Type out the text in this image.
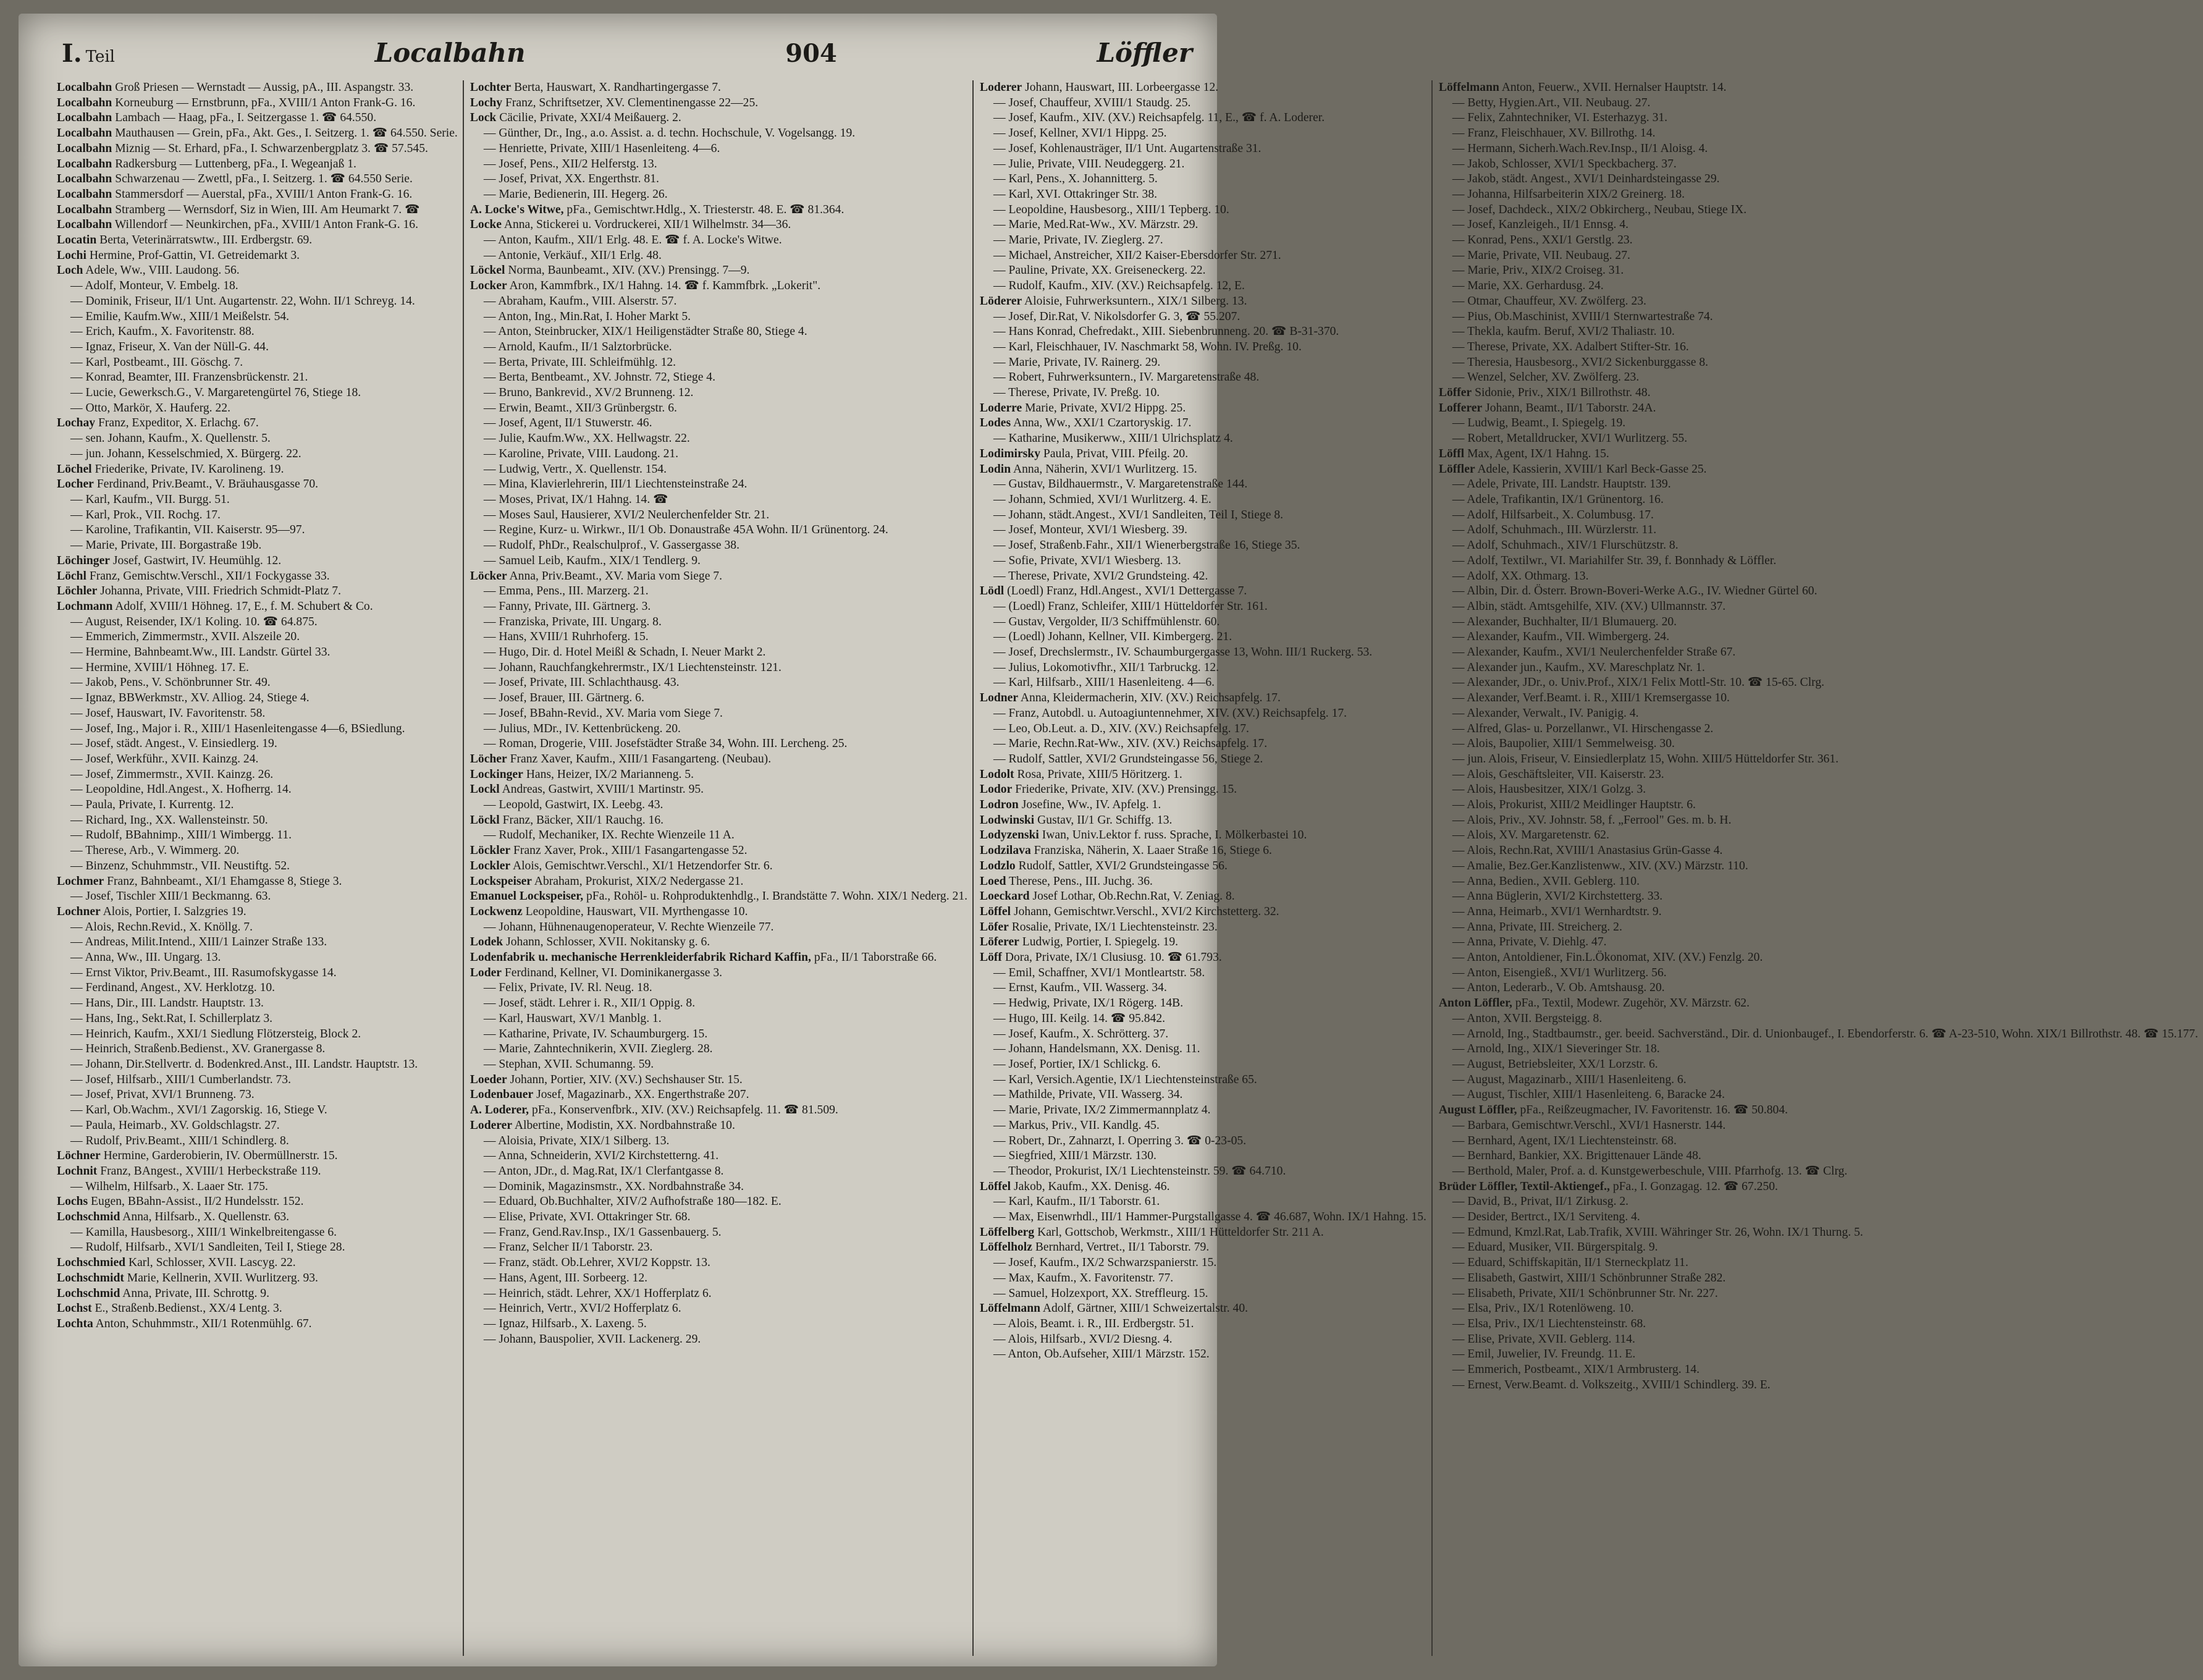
I. Teil	Localbahn	904	Löffler
Localbahn Groß Priesen — Wernstadt — Aussig, pA., III. Aspangstr. 33.
Localbahn Korneuburg — Ernstbrunn, pFa., XVIII/1 Anton Frank-G. 16.
Localbahn Lambach — Haag, pFa., I. Seitzergasse 1. ☎ 64.550.
Localbahn Mauthausen — Grein, pFa., Akt. Ges., I. Seitzerg. 1. ☎ 64.550. Serie.
Localbahn Miznig — St. Erhard, pFa., I. Schwarzenbergplatz 3. ☎ 57.545.
Localbahn Radkersburg — Luttenberg, pFa., I. Wegeanjaß 1.
Localbahn Schwarzenau — Zwettl, pFa., I. Seitzerg. 1. ☎ 64.550 Serie.
Localbahn Stammersdorf — Auerstal, pFa., XVIII/1 Anton Frank-G. 16.
Localbahn Stramberg — Wernsdorf, Siz in Wien, III. Am Heumarkt 7. ☎
Localbahn Willendorf — Neunkirchen, pFa., XVIII/1 Anton Frank-G. 16.
Locatin Berta, Veterinärratswtw., III. Erdbergstr. 69.
Lochi Hermine, Prof-Gattin, VI. Getreidemarkt 3.
Loch Adele, Ww., VIII. Laudong. 56.
— Adolf, Monteur, V. Embelg. 18.
— Dominik, Friseur, II/1 Unt. Augartenstr. 22, Wohn. II/1 Schreyg. 14.
— Emilie, Kaufm.Ww., XIII/1 Meißelstr. 54.
— Erich, Kaufm., X. Favoritenstr. 88.
— Ignaz, Friseur, X. Van der Nüll-G. 44.
— Karl, Postbeamt., III. Göschg. 7.
— Konrad, Beamter, III. Franzensbrückenstr. 21.
— Lucie, Gewerksch.G., V. Margaretengürtel 76, Stiege 18.
— Otto, Markör, X. Hauferg. 22.
Lochay Franz, Expeditor, X. Erlachg. 67.
— sen. Johann, Kaufm., X. Quellenstr. 5.
— jun. Johann, Kesselschmied, X. Bürgerg. 22.
Löchel Friederike, Private, IV. Karolineng. 19.
Locher Ferdinand, Priv.Beamt., V. Bräuhausgasse 70.
— Karl, Kaufm., VII. Burgg. 51.
— Karl, Prok., VII. Rochg. 17.
— Karoline, Trafikantin, VII. Kaiserstr. 95—97.
— Marie, Private, III. Borgastraße 19b.
Löchinger Josef, Gastwirt, IV. Heumühlg. 12.
Löchl Franz, Gemischtw.Verschl., XII/1 Fockygasse 33.
Löchler Johanna, Private, VIII. Friedrich Schmidt-Platz 7.
Lochmann Adolf, XVIII/1 Höhneg. 17, E., f. M. Schubert & Co.
— August, Reisender, IX/1 Koling. 10. ☎ 64.875.
— Emmerich, Zimmermstr., XVII. Alszeile 20.
— Hermine, Bahnbeamt.Ww., III. Landstr. Gürtel 33.
— Hermine, XVIII/1 Höhneg. 17. E.
— Jakob, Pens., V. Schönbrunner Str. 49.
— Ignaz, BBWerkmstr., XV. Alliog. 24, Stiege 4.
— Josef, Hauswart, IV. Favoritenstr. 58.
— Josef, Ing., Major i. R., XIII/1 Hasenleitengasse 4—6, BSiedlung.
— Josef, städt. Angest., V. Einsiedlerg. 19.
— Josef, Werkführ., XVII. Kainzg. 24.
— Josef, Zimmermstr., XVII. Kainzg. 26.
— Leopoldine, Hdl.Angest., X. Hofherrg. 14.
— Paula, Private, I. Kurrentg. 12.
— Richard, Ing., XX. Wallensteinstr. 50.
— Rudolf, BBahnimp., XIII/1 Wimbergg. 11.
— Therese, Arb., V. Wimmerg. 20.
— Binzenz, Schuhmmstr., VII. Neustiftg. 52.
Lochmer Franz, Bahnbeamt., XI/1 Ehamgasse 8, Stiege 3.
— Josef, Tischler XIII/1 Beckmanng. 63.
Lochner Alois, Portier, I. Salzgries 19.
— Alois, Rechn.Revid., X. Knöllg. 7.
— Andreas, Milit.Intend., XIII/1 Lainzer Straße 133.
— Anna, Ww., III. Ungarg. 13.
— Ernst Viktor, Priv.Beamt., III. Rasumofskygasse 14.
— Ferdinand, Angest., XV. Herklotzg. 10.
— Hans, Dir., III. Landstr. Hauptstr. 13.
— Hans, Ing., Sekt.Rat, I. Schillerplatz 3.
— Heinrich, Kaufm., XXI/1 Siedlung Flötzersteig, Block 2.
— Heinrich, Straßenb.Bedienst., XV. Granergasse 8.
— Johann, Dir.Stellvertr. d. Bodenkred.Anst., III. Landstr. Hauptstr. 13.
— Josef, Hilfsarb., XIII/1 Cumberlandstr. 73.
— Josef, Privat, XVI/1 Brunneng. 73.
— Karl, Ob.Wachm., XVI/1 Zagorskig. 16, Stiege V.
— Paula, Heimarb., XV. Goldschlagstr. 27.
— Rudolf, Priv.Beamt., XIII/1 Schindlerg. 8.
Löchner Hermine, Garderobierin, IV. Obermüllnerstr. 15.
Lochnit Franz, BAngest., XVIII/1 Herbeckstraße 119.
— Wilhelm, Hilfsarb., X. Laaer Str. 175.
Lochs Eugen, BBahn-Assist., II/2 Hundelsstr. 152.
Lochschmid Anna, Hilfsarb., X. Quellenstr. 63.
— Kamilla, Hausbesorg., XIII/1 Winkelbreitengasse 6.
— Rudolf, Hilfsarb., XVI/1 Sandleiten, Teil I, Stiege 28.
Lochschmied Karl, Schlosser, XVII. Lascyg. 22.
Lochschmidt Marie, Kellnerin, XVII. Wurlitzerg. 93.
Lochschmid Anna, Private, III. Schrottg. 9.
Lochst E., Straßenb.Bedienst., XX/4 Lentg. 3.
Lochta Anton, Schuhmmstr., XII/1 Rotenmühlg. 67.
Lochter Berta, Hauswart, X. Randhartingergasse 7.
Lochy Franz, Schriftsetzer, XV. Clementinengasse 22—25.
Lock Cäcilie, Private, XXI/4 Meißauerg. 2.
— Günther, Dr., Ing., a.o. Assist. a. d. techn. Hochschule, V. Vogelsangg. 19.
— Henriette, Private, XIII/1 Hasenleiteng. 4—6.
— Josef, Pens., XII/2 Helferstg. 13.
— Josef, Privat, XX. Engerthstr. 81.
— Marie, Bedienerin, III. Hegerg. 26.
A. Locke's Witwe, pFa., Gemischtwr.Hdlg., X. Triesterstr. 48. E. ☎ 81.364.
Locke Anna, Stickerei u. Vordruckerei, XII/1 Wilhelmstr. 34—36.
— Anton, Kaufm., XII/1 Erlg. 48. E. ☎ f. A. Locke's Witwe.
— Antonie, Verkäuf., XII/1 Erlg. 48.
Löckel Norma, Baunbeamt., XIV. (XV.) Prensingg. 7—9.
Locker Aron, Kammfbrk., IX/1 Hahng. 14. ☎ f. Kammfbrk. „Lokerit".
— Abraham, Kaufm., VIII. Alserstr. 57.
— Anton, Ing., Min.Rat, I. Hoher Markt 5.
— Anton, Steinbrucker, XIX/1 Heiligenstädter Straße 80, Stiege 4.
— Arnold, Kaufm., II/1 Salztorbrücke.
— Berta, Private, III. Schleifmühlg. 12.
— Berta, Bentbeamt., XV. Johnstr. 72, Stiege 4.
— Bruno, Bankrevid., XV/2 Brunneng. 12.
— Erwin, Beamt., XII/3 Grünbergstr. 6.
— Josef, Agent, II/1 Stuwerstr. 46.
— Julie, Kaufm.Ww., XX. Hellwagstr. 22.
— Karoline, Private, VIII. Laudong. 21.
— Ludwig, Vertr., X. Quellenstr. 154.
— Mina, Klavierlehrerin, III/1 Liechtensteinstraße 24.
— Moses, Privat, IX/1 Hahng. 14. ☎
— Moses Saul, Hausierer, XVI/2 Neulerchenfelder Str. 21.
— Regine, Kurz- u. Wirkwr., II/1 Ob. Donaustraße 45A Wohn. II/1 Grünentorg. 24.
— Rudolf, PhDr., Realschulprof., V. Gassergasse 38.
— Samuel Leib, Kaufm., XIX/1 Tendlerg. 9.
Löcker Anna, Priv.Beamt., XV. Maria vom Siege 7.
— Emma, Pens., III. Marzerg. 21.
— Fanny, Private, III. Gärtnerg. 3.
— Franziska, Private, III. Ungarg. 8.
— Hans, XVIII/1 Ruhrhoferg. 15.
— Hugo, Dir. d. Hotel Meißl & Schadn, I. Neuer Markt 2.
— Johann, Rauchfangkehrermstr., IX/1 Liechtensteinstr. 121.
— Josef, Private, III. Schlachthausg. 43.
— Josef, Brauer, III. Gärtnerg. 6.
— Josef, BBahn-Revid., XV. Maria vom Siege 7.
— Julius, MDr., IV. Kettenbrückeng. 20.
— Roman, Drogerie, VIII. Josefstädter Straße 34, Wohn. III. Lercheng. 25.
Löcher Franz Xaver, Kaufm., XIII/1 Fasangarteng. (Neubau).
Lockinger Hans, Heizer, IX/2 Marianneng. 5.
Lockl Andreas, Gastwirt, XVIII/1 Martinstr. 95.
— Leopold, Gastwirt, IX. Leebg. 43.
Löckl Franz, Bäcker, XII/1 Rauchg. 16.
— Rudolf, Mechaniker, IX. Rechte Wienzeile 11 A.
Löckler Franz Xaver, Prok., XIII/1 Fasangartengasse 52.
Lockler Alois, Gemischtwr.Verschl., XI/1 Hetzendorfer Str. 6.
Lockspeiser Abraham, Prokurist, XIX/2 Nedergasse 21.
Emanuel Lockspeiser, pFa., Rohöl- u. Rohproduktenhdlg., I. Brandstätte 7. Wohn. XIX/1 Nederg. 21.
Lockwenz Leopoldine, Hauswart, VII. Myrthengasse 10.
— Johann, Hühnenaugenoperateur, V. Rechte Wienzeile 77.
Lodek Johann, Schlosser, XVII. Nokitansky g. 6.
Lodenfabrik u. mechanische Herrenkleiderfabrik Richard Kaffin, pFa., II/1 Taborstraße 66.
Loder Ferdinand, Kellner, VI. Dominikanergasse 3.
— Felix, Private, IV. Rl. Neug. 18.
— Josef, städt. Lehrer i. R., XII/1 Oppig. 8.
— Karl, Hauswart, XV/1 Manblg. 1.
— Katharine, Private, IV. Schaumburgerg. 15.
— Marie, Zahntechnikerin, XVII. Zieglerg. 28.
— Stephan, XVII. Schumanng. 59.
Loeder Johann, Portier, XIV. (XV.) Sechshauser Str. 15.
Lodenbauer Josef, Magazinarb., XX. Engerthstraße 207.
A. Loderer, pFa., Konservenfbrk., XIV. (XV.) Reichsapfelg. 11. ☎ 81.509.
Loderer Albertine, Modistin, XX. Nordbahnstraße 10.
— Aloisia, Private, XIX/1 Silberg. 13.
— Anna, Schneiderin, XVI/2 Kirchstetterng. 41.
— Anton, JDr., d. Mag.Rat, IX/1 Clerfantgasse 8.
— Dominik, Magazinsmstr., XX. Nordbahnstraße 34.
— Eduard, Ob.Buchhalter, XIV/2 Aufhofstraße 180—182. E.
— Elise, Private, XVI. Ottakringer Str. 68.
— Franz, Gend.Rav.Insp., IX/1 Gassenbauerg. 5.
— Franz, Selcher II/1 Taborstr. 23.
— Franz, städt. Ob.Lehrer, XVI/2 Koppstr. 13.
— Hans, Agent, III. Sorbeerg. 12.
— Heinrich, städt. Lehrer, XX/1 Hofferplatz 6.
— Heinrich, Vertr., XVI/2 Hofferplatz 6.
— Ignaz, Hilfsarb., X. Laxeng. 5.
— Johann, Bauspolier, XVII. Lackenerg. 29.
Loderer Johann, Hauswart, III. Lorbeergasse 12.
— Josef, Chauffeur, XVIII/1 Staudg. 25.
— Josef, Kaufm., XIV. (XV.) Reichsapfelg. 11, E., ☎ f. A. Loderer.
— Josef, Kellner, XVI/1 Hippg. 25.
— Josef, Kohlenausträger, II/1 Unt. Augartenstraße 31.
— Julie, Private, VIII. Neudeggerg. 21.
— Karl, Pens., X. Johannitterg. 5.
— Karl, XVI. Ottakringer Str. 38.
— Leopoldine, Hausbesorg., XIII/1 Tepberg. 10.
— Marie, Med.Rat-Ww., XV. Märzstr. 29.
— Marie, Private, IV. Zieglerg. 27.
— Michael, Anstreicher, XII/2 Kaiser-Ebersdorfer Str. 271.
— Pauline, Private, XX. Greiseneckerg. 22.
— Rudolf, Kaufm., XIV. (XV.) Reichsapfelg. 12, E.
Löderer Aloisie, Fuhrwerksuntern., XIX/1 Silberg. 13.
— Josef, Dir.Rat, V. Nikolsdorfer G. 3, ☎ 55.207.
— Hans Konrad, Chefredakt., XIII. Siebenbrunneng. 20. ☎ B-31-370.
— Karl, Fleischhauer, IV. Naschmarkt 58, Wohn. IV. Preßg. 10.
— Marie, Private, IV. Rainerg. 29.
— Robert, Fuhrwerksuntern., IV. Margaretenstraße 48.
— Therese, Private, IV. Preßg. 10.
Loderre Marie, Private, XVI/2 Hippg. 25.
Lodes Anna, Ww., XXI/1 Czartoryskig. 17.
— Katharine, Musikerww., XIII/1 Ulrichsplatz 4.
Lodimirsky Paula, Privat, VIII. Pfeilg. 20.
Lodin Anna, Näherin, XVI/1 Wurlitzerg. 15.
— Gustav, Bildhauermstr., V. Margaretenstraße 144.
— Johann, Schmied, XVI/1 Wurlitzerg. 4. E.
— Johann, städt.Angest., XVI/1 Sandleiten, Teil I, Stiege 8.
— Josef, Monteur, XVI/1 Wiesberg. 39.
— Josef, Straßenb.Fahr., XII/1 Wienerbergstraße 16, Stiege 35.
— Sofie, Private, XVI/1 Wiesberg. 13.
— Therese, Private, XVI/2 Grundsteing. 42.
Lödl (Loedl) Franz, Hdl.Angest., XVI/1 Dettergasse 7.
— (Loedl) Franz, Schleifer, XIII/1 Hütteldorfer Str. 161.
— Gustav, Vergolder, II/3 Schiffmühlenstr. 60.
— (Loedl) Johann, Kellner, VII. Kimbergerg. 21.
— Josef, Drechslermstr., IV. Schaumburgergasse 13, Wohn. III/1 Ruckerg. 53.
— Julius, Lokomotivfhr., XII/1 Tarbruckg. 12.
— Karl, Hilfsarb., XIII/1 Hasenleiteng. 4—6.
Lodner Anna, Kleidermacherin, XIV. (XV.) Reichsapfelg. 17.
— Franz, Autobdl. u. Autoagiuntennehmer, XIV. (XV.) Reichsapfelg. 17.
— Leo, Ob.Leut. a. D., XIV. (XV.) Reichsapfelg. 17.
— Marie, Rechn.Rat-Ww., XIV. (XV.) Reichsapfelg. 17.
— Rudolf, Sattler, XVI/2 Grundsteingasse 56, Stiege 2.
Lodolt Rosa, Private, XIII/5 Höritzerg. 1.
Lodor Friederike, Private, XIV. (XV.) Prensingg. 15.
Lodron Josefine, Ww., IV. Apfelg. 1.
Lodwinski Gustav, II/1 Gr. Schiffg. 13.
Lodyzenski Iwan, Univ.Lektor f. russ. Sprache, I. Mölkerbastei 10.
Lodzilava Franziska, Näherin, X. Laaer Straße 16, Stiege 6.
Lodzlo Rudolf, Sattler, XVI/2 Grundsteingasse 56.
Loed Therese, Pens., III. Juchg. 36.
Loeckard Josef Lothar, Ob.Rechn.Rat, V. Zeniag. 8.
Löffel Johann, Gemischtwr.Verschl., XVI/2 Kirchstetterg. 32.
Löfer Rosalie, Private, IX/1 Liechtensteinstr. 23.
Löferer Ludwig, Portier, I. Spiegelg. 19.
Löff Dora, Private, IX/1 Clusiusg. 10. ☎ 61.793.
— Emil, Schaffner, XVI/1 Montleartstr. 58.
— Ernst, Kaufm., VII. Wasserg. 34.
— Hedwig, Private, IX/1 Rögerg. 14B.
— Hugo, III. Keilg. 14. ☎ 95.842.
— Josef, Kaufm., X. Schrötterg. 37.
— Johann, Handelsmann, XX. Denisg. 11.
— Josef, Portier, IX/1 Schlickg. 6.
— Karl, Versich.Agentie, IX/1 Liechtensteinstraße 65.
— Mathilde, Private, VII. Wasserg. 34.
— Marie, Private, IX/2 Zimmermannplatz 4.
— Markus, Priv., VII. Kandlg. 45.
— Robert, Dr., Zahnarzt, I. Operring 3. ☎ 0-23-05.
— Siegfried, XIII/1 Märzstr. 130.
— Theodor, Prokurist, IX/1 Liechtensteinstr. 59. ☎ 64.710.
Löffel Jakob, Kaufm., XX. Denisg. 46.
— Karl, Kaufm., II/1 Taborstr. 61.
— Max, Eisenwrhdl., III/1 Hammer-Purgstallgasse 4. ☎ 46.687, Wohn. IX/1 Hahng. 15.
Löffelberg Karl, Gottschob, Werkmstr., XIII/1 Hütteldorfer Str. 211 A.
Löffelholz Bernhard, Vertret., II/1 Taborstr. 79.
— Josef, Kaufm., IX/2 Schwarzspanierstr. 15.
— Max, Kaufm., X. Favoritenstr. 77.
— Samuel, Holzexport, XX. Streffleurg. 15.
Löffelmann Adolf, Gärtner, XIII/1 Schweizertalstr. 40.
— Alois, Beamt. i. R., III. Erdbergstr. 51.
— Alois, Hilfsarb., XVI/2 Diesng. 4.
— Anton, Ob.Aufseher, XIII/1 Märzstr. 152.
Löffelmann Anton, Feuerw., XVII. Hernalser Hauptstr. 14.
— Betty, Hygien.Art., VII. Neubaug. 27.
— Felix, Zahntechniker, VI. Esterhazyg. 31.
— Franz, Fleischhauer, XV. Billrothg. 14.
— Hermann, Sicherh.Wach.Rev.Insp., II/1 Aloisg. 4.
— Jakob, Schlosser, XVI/1 Speckbacherg. 37.
— Jakob, städt. Angest., XVI/1 Deinhardsteingasse 29.
— Johanna, Hilfsarbeiterin XIX/2 Greinerg. 18.
— Josef, Dachdeck., XIX/2 Obkircherg., Neubau, Stiege IX.
— Josef, Kanzleigeh., II/1 Ennsg. 4.
— Konrad, Pens., XXI/1 Gerstlg. 23.
— Marie, Private, VII. Neubaug. 27.
— Marie, Priv., XIX/2 Croiseg. 31.
— Marie, XX. Gerhardusg. 24.
— Otmar, Chauffeur, XV. Zwölferg. 23.
— Pius, Ob.Maschinist, XVIII/1 Sternwartestraße 74.
— Thekla, kaufm. Beruf, XVI/2 Thaliastr. 10.
— Therese, Private, XX. Adalbert Stifter-Str. 16.
— Theresia, Hausbesorg., XVI/2 Sickenburggasse 8.
— Wenzel, Selcher, XV. Zwölferg. 23.
Löffer Sidonie, Priv., XIX/1 Billrothstr. 48.
Lofferer Johann, Beamt., II/1 Taborstr. 24A.
— Ludwig, Beamt., I. Spiegelg. 19.
— Robert, Metalldrucker, XVI/1 Wurlitzerg. 55.
Löffl Max, Agent, IX/1 Hahng. 15.
Löffler Adele, Kassierin, XVIII/1 Karl Beck-Gasse 25.
— Adele, Private, III. Landstr. Hauptstr. 139.
— Adele, Trafikantin, IX/1 Grünentorg. 16.
— Adolf, Hilfsarbeit., X. Columbusg. 17.
— Adolf, Schuhmach., III. Würzlerstr. 11.
— Adolf, Schuhmach., XIV/1 Flurschützstr. 8.
— Adolf, Textilwr., VI. Mariahilfer Str. 39, f. Bonnhady & Löffler.
— Adolf, XX. Othmarg. 13.
— Albin, Dir. d. Österr. Brown-Boveri-Werke A.G., IV. Wiedner Gürtel 60.
— Albin, städt. Amtsgehilfe, XIV. (XV.) Ullmannstr. 37.
— Alexander, Buchhalter, II/1 Blumauerg. 20.
— Alexander, Kaufm., VII. Wimbergerg. 24.
— Alexander, Kaufm., XVI/1 Neulerchenfelder Straße 67.
— Alexander jun., Kaufm., XV. Mareschplatz Nr. 1.
— Alexander, JDr., o. Univ.Prof., XIX/1 Felix Mottl-Str. 10. ☎ 15-65. Clrg.
— Alexander, Verf.Beamt. i. R., XIII/1 Kremsergasse 10.
— Alexander, Verwalt., IV. Panigig. 4.
— Alfred, Glas- u. Porzellanwr., VI. Hirschengasse 2.
— Alois, Baupolier, XIII/1 Semmelweisg. 30.
— jun. Alois, Friseur, V. Einsiedlerplatz 15, Wohn. XIII/5 Hütteldorfer Str. 361.
— Alois, Geschäftsleiter, VII. Kaiserstr. 23.
— Alois, Hausbesitzer, XIX/1 Golzg. 3.
— Alois, Prokurist, XIII/2 Meidlinger Hauptstr. 6.
— Alois, Priv., XV. Johnstr. 58, f. „Ferrool" Ges. m. b. H.
— Alois, XV. Margaretenstr. 62.
— Alois, Rechn.Rat, XVIII/1 Anastasius Grün-Gasse 4.
— Amalie, Bez.Ger.Kanzlistenww., XIV. (XV.) Märzstr. 110.
— Anna, Bedien., XVII. Geblerg. 110.
— Anna Büglerin, XVI/2 Kirchstetterg. 33.
— Anna, Heimarb., XVI/1 Wernhardtstr. 9.
— Anna, Private, III. Streicherg. 2.
— Anna, Private, V. Diehlg. 47.
— Anton, Antoldiener, Fin.L.Ökonomat, XIV. (XV.) Fenzlg. 20.
— Anton, Eisengieß., XVI/1 Wurlitzerg. 56.
— Anton, Lederarb., V. Ob. Amtshausg. 20.
Anton Löffler, pFa., Textil, Modewr. Zugehör, XV. Märzstr. 62.
— Anton, XVII. Bergsteigg. 8.
— Arnold, Ing., Stadtbaumstr., ger. beeid. Sachverständ., Dir. d. Unionbaugef., I. Ebendorferstr. 6. ☎ A-23-510, Wohn. XIX/1 Billrothstr. 48. ☎ 15.177.
— Arnold, Ing., XIX/1 Sieveringer Str. 18.
— August, Betriebsleiter, XX/1 Lorzstr. 6.
— August, Magazinarb., XIII/1 Hasenleiteng. 6.
— August, Tischler, XIII/1 Hasenleiteng. 6, Baracke 24.
August Löffler, pFa., Reißzeugmacher, IV. Favoritenstr. 16. ☎ 50.804.
— Barbara, Gemischtwr.Verschl., XVI/1 Hasnerstr. 144.
— Bernhard, Agent, IX/1 Liechtensteinstr. 68.
— Bernhard, Bankier, XX. Brigittenauer Lände 48.
— Berthold, Maler, Prof. a. d. Kunstgewerbeschule, VIII. Pfarrhofg. 13. ☎ Clrg.
Brüder Löffler, Textil-Aktiengef., pFa., I. Gonzagag. 12. ☎ 67.250.
— David, B., Privat, II/1 Zirkusg. 2.
— Desider, Bertrct., IX/1 Serviteng. 4.
— Edmund, Kmzl.Rat, Lab.Trafik, XVIII. Währinger Str. 26, Wohn. IX/1 Thurng. 5.
— Eduard, Musiker, VII. Bürgerspitalg. 9.
— Eduard, Schiffskapitän, II/1 Sterneckplatz 11.
— Elisabeth, Gastwirt, XIII/1 Schönbrunner Straße 282.
— Elisabeth, Private, XII/1 Schönbrunner Str. Nr. 227.
— Elsa, Priv., IX/1 Rotenlöweng. 10.
— Elsa, Priv., IX/1 Liechtensteinstr. 68.
— Elise, Private, XVII. Geblerg. 114.
— Emil, Juwelier, IV. Freundg. 11. E.
— Emmerich, Postbeamt., XIX/1 Armbrusterg. 14.
— Ernest, Verw.Beamt. d. Volkszeitg., XVIII/1 Schindlerg. 39. E.
